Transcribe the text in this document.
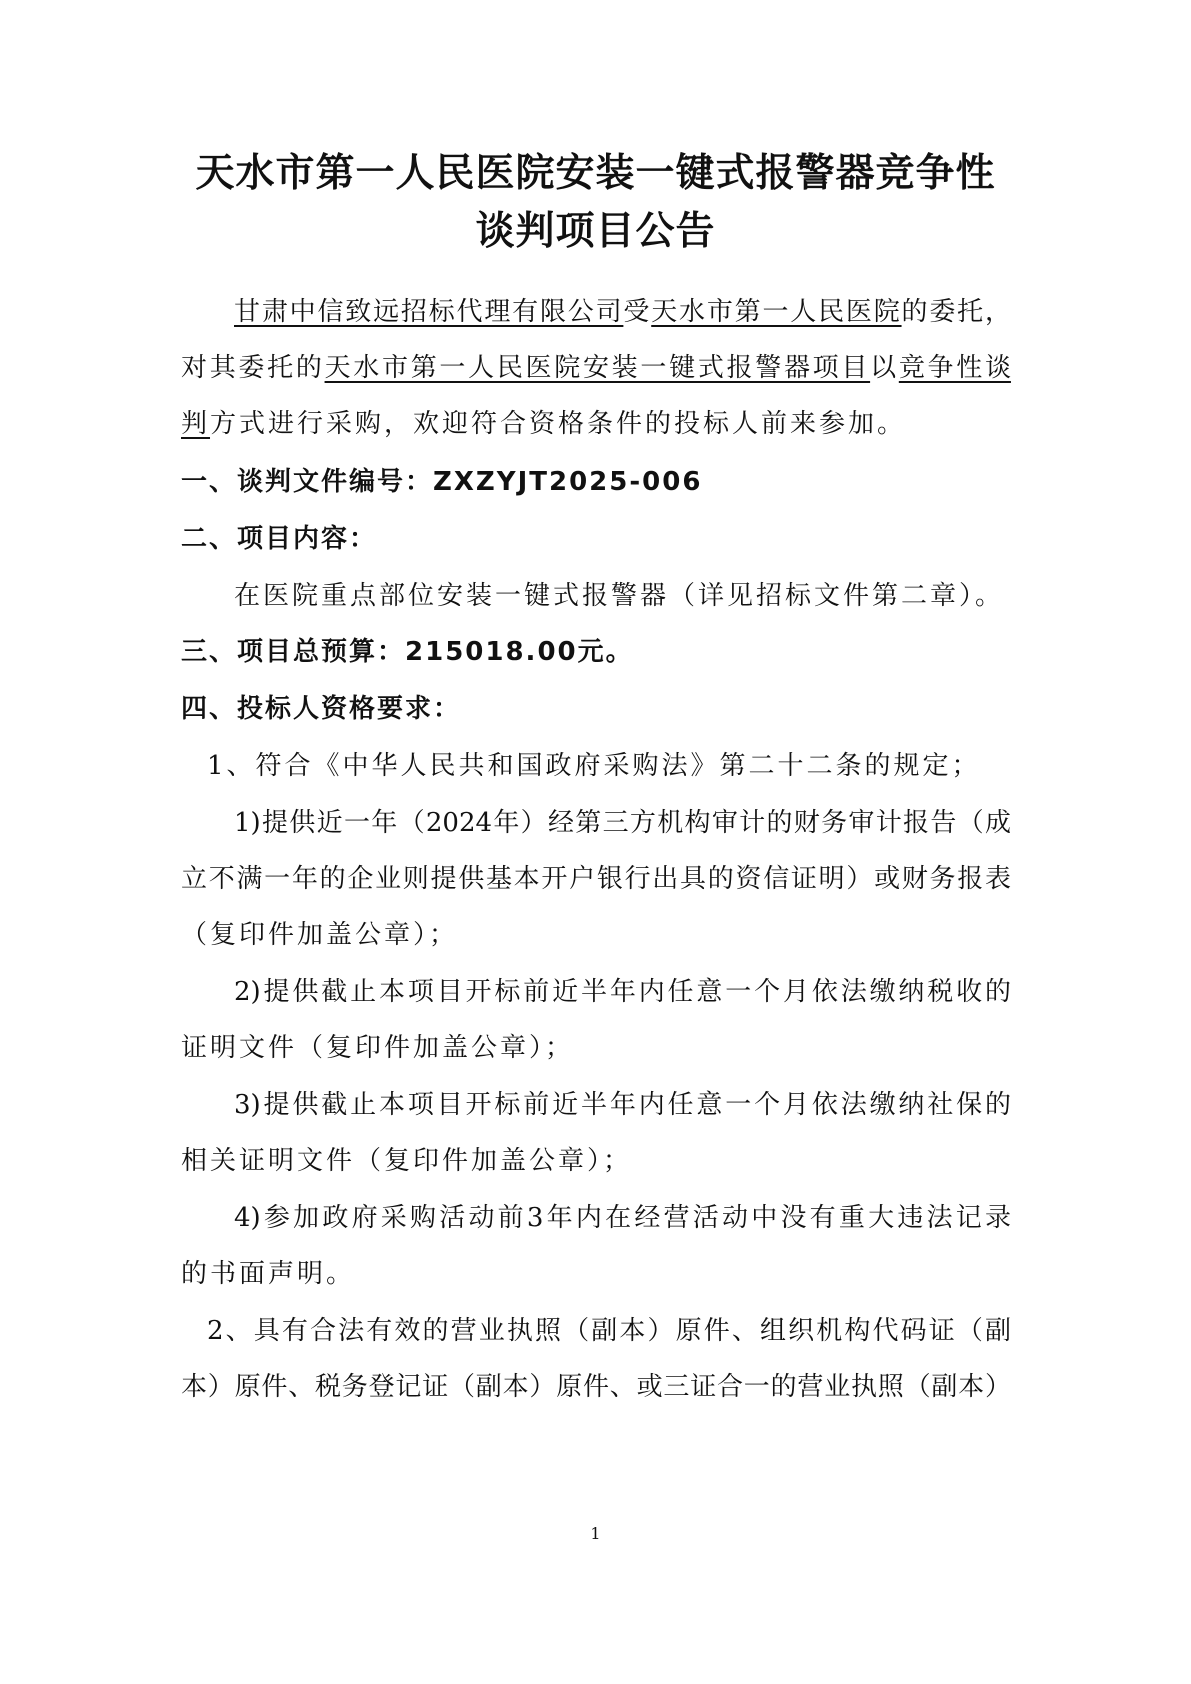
天水市第一人民医院安装一键式报警器竞争性
谈判项目公告
甘肃中信致远招标代理有限公司受天水市第一人民医院的委托，
对其委托的天水市第一人民医院安装一键式报警器项目以竞争性谈
判方式进行采购，欢迎符合资格条件的投标人前来参加。
一、谈判文件编号：ZXZYJT2025-006
二、项目内容：
在医院重点部位安装一键式报警器（详见招标文件第二章）。
三、项目总预算：215018.00元。
四、投标人资格要求：
1、符合《中华人民共和国政府采购法》第二十二条的规定；
1)提供近一年（2024年）经第三方机构审计的财务审计报告（成
立不满一年的企业则提供基本开户银行出具的资信证明）或财务报表
（复印件加盖公章）；
2)提供截止本项目开标前近半年内任意一个月依法缴纳税收的
证明文件（复印件加盖公章）；
3)提供截止本项目开标前近半年内任意一个月依法缴纳社保的
相关证明文件（复印件加盖公章）；
4)参加政府采购活动前3年内在经营活动中没有重大违法记录
的书面声明。
2、具有合法有效的营业执照（副本）原件、组织机构代码证（副
本）原件、税务登记证（副本）原件、或三证合一的营业执照（副本）
1
